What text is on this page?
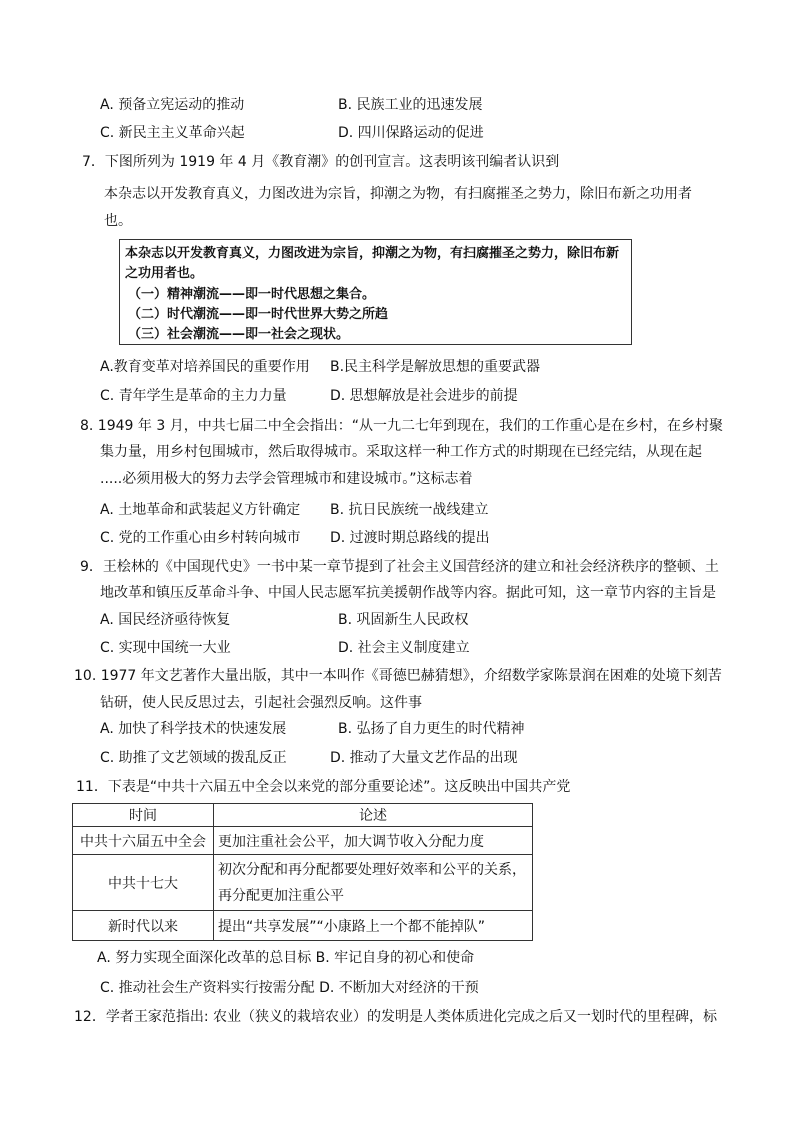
A. 预备立宪运动的推动	B. 民族工业的迅速发展
C. 新民主主义革命兴起	D. 四川保路运动的促进
7．下图所列为 1919 年 4 月《教育潮》的创刊宣言。这表明该刊编者认识到
本杂志以开发教育真义，力图改进为宗旨，抑潮之为物，有扫腐摧圣之势力，除旧布新之功用者
也。
本杂志以开发教育真义，力图改进为宗旨，抑潮之为物，有扫腐摧圣之势力，除旧布新
之功用者也。
（一）精神潮流——即一时代思想之集合。
（二）时代潮流——即一时代世界大势之所趋
（三）社会潮流——即一社会之现状。
A.教育变革对培养国民的重要作用 B.民主科学是解放思想的重要武器
C. 青年学生是革命的主力力量	D. 思想解放是社会进步的前提
8. 1949 年 3 月，中共七届二中全会指出：“从一九二七年到现在，我们的工作重心是在乡村，在乡村聚
集力量，用乡村包围城市，然后取得城市。采取这样一种工作方式的时期现在已经完结，从现在起
.....必须用极大的努力去学会管理城市和建设城市。”这标志着
A. 土地革命和武装起义方针确定 B. 抗日民族统一战线建立
C. 党的工作重心由乡村转向城市 D. 过渡时期总路线的提出
9．王桧林的《中国现代史》一书中某一章节提到了社会主义国营经济的建立和社会经济秩序的整顿、土
地改革和镇压反革命斗争、中国人民志愿军抗美援朝作战等内容。据此可知，这一章节内容的主旨是
A. 国民经济亟待恢复	B. 巩固新生人民政权
C. 实现中国统一大业	D. 社会主义制度建立
10. 1977 年文艺著作大量出版，其中一本叫作《哥德巴赫猜想》，介绍数学家陈景润在困难的处境下刻苦
钻研，使人民反思过去，引起社会强烈反响。这件事
A. 加快了科学技术的快速发展	B. 弘扬了自力更生的时代精神
C. 助推了文艺领域的拨乱反正	D. 推动了大量文艺作品的出现
11．下表是“中共十六届五中全会以来党的部分重要论述”。这反映出中国共产党
时间	论述
中共十六届五中全会	更加注重社会公平，加大调节收入分配力度
中共十七大	初次分配和再分配都要处理好效率和公平的关系，
再分配更加注重公平

新时代以来	提出“共享发展”“小康路上一个都不能掉队”
A. 努力实现全面深化改革的总目标 B. 牢记自身的初心和使命
C. 推动社会生产资料实行按需分配 D. 不断加大对经济的干预
12．学者王家范指出: 农业（狭义的栽培农业）的发明是人类体质进化完成之后又一划时代的里程碑，标
